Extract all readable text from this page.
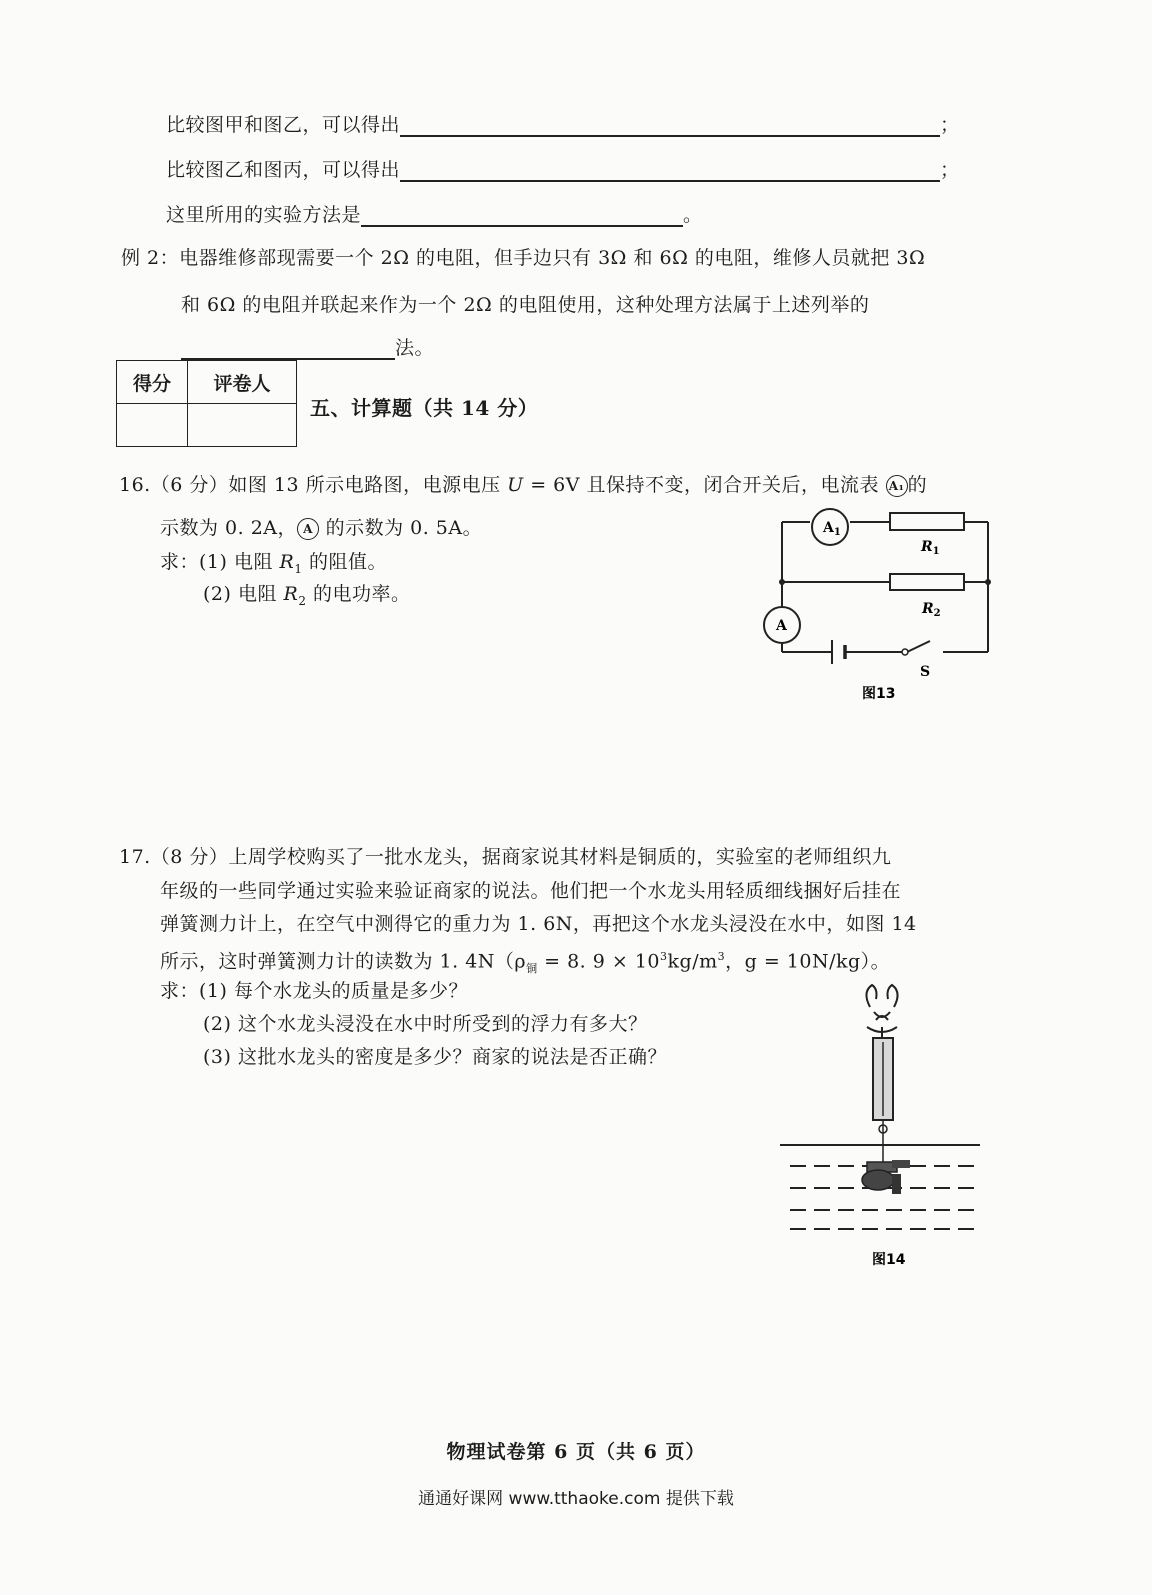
比较图甲和图乙，可以得出	；
比较图乙和图丙，可以得出	；
这里所用的实验方法是	。
例 2：电器维修部现需要一个 2Ω 的电阻，但手边只有 3Ω 和 6Ω 的电阻，维修人员就把 3Ω
和 6Ω 的电阻并联起来作为一个 2Ω 的电阻使用，这种处理方法属于上述列举的
法。
得分	评卷人

五、计算题（共 14 分）
16.（6 分）如图 13 所示电路图，电源电压 U = 6V 且保持不变，闭合开关后，电流表 A₁ 的
示数为 0. 2A， A 的示数为 0. 5A。
求：(1) 电阻 $R_1$ 的阻值。
(2) 电阻 $R_2$ 的电功率。
$A_1$
A
$R_1$
$R_2$
S
图13
17.（8 分）上周学校购买了一批水龙头，据商家说其材料是铜质的，实验室的老师组织九
年级的一些同学通过实验来验证商家的说法。他们把一个水龙头用轻质细线捆好后挂在
弹簧测力计上，在空气中测得它的重力为 1. 6N，再把这个水龙头浸没在水中，如图 14
所示，这时弹簧测力计的读数为 1. $4N(\rho_铜 = 8$. $9 \times 10^3kg/m^3$，g = 10N/kg）。
求：(1) 每个水龙头的质量是多少？
(2) 这个水龙头浸没在水中时所受到的浮力有多大？
(3) 这批水龙头的密度是多少？商家的说法是否正确？
图14
物理试卷第 6 页（共 6 页）
通通好课网 www.tthaoke.com 提供下载
